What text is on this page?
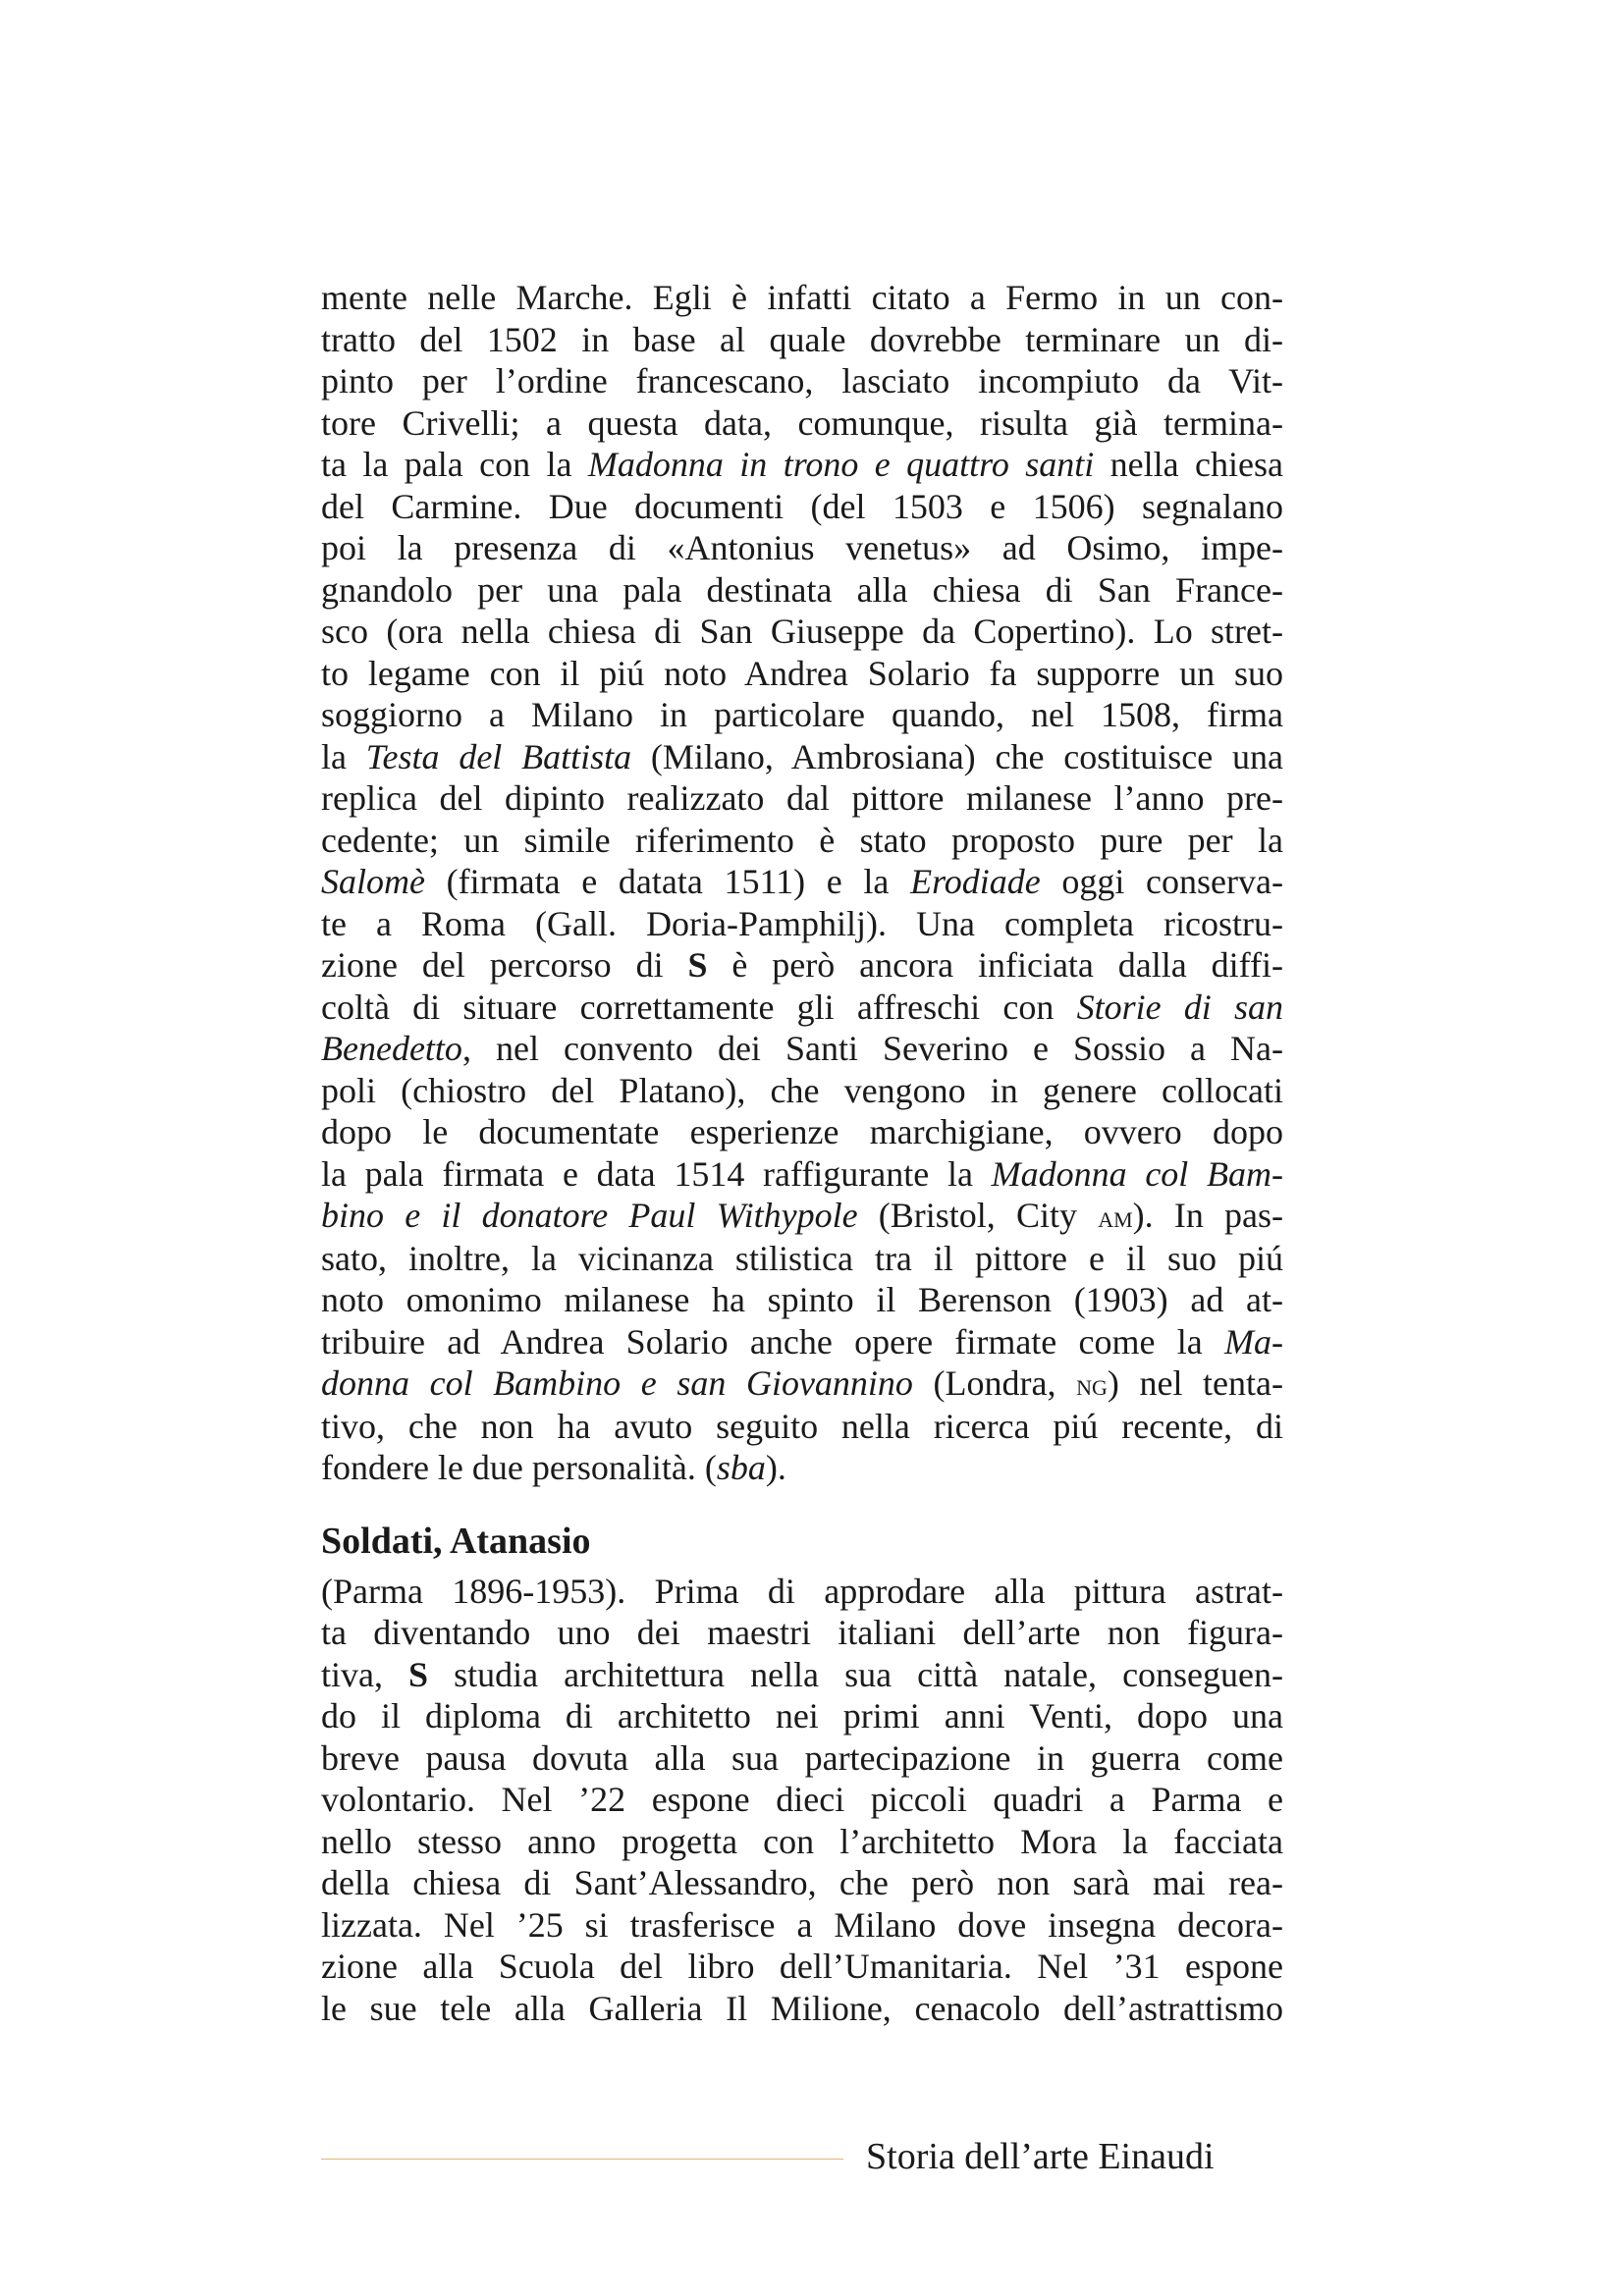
mente nelle Marche. Egli è infatti citato a Fermo in un con-
tratto del 1502 in base al quale dovrebbe terminare un di-
pinto per l’ordine francescano, lasciato incompiuto da Vit-
tore Crivelli; a questa data, comunque, risulta già termina-
ta la pala con la Madonna in trono e quattro santi nella chiesa
del Carmine. Due documenti (del 1503 e 1506) segnalano
poi la presenza di «Antonius venetus» ad Osimo, impe-
gnandolo per una pala destinata alla chiesa di San France-
sco (ora nella chiesa di San Giuseppe da Copertino). Lo stret-
to legame con il piú noto Andrea Solario fa supporre un suo
soggiorno a Milano in particolare quando, nel 1508, firma
la Testa del Battista (Milano, Ambrosiana) che costituisce una
replica del dipinto realizzato dal pittore milanese l’anno pre-
cedente; un simile riferimento è stato proposto pure per la
Salomè (firmata e datata 1511) e la Erodiade oggi conserva-
te a Roma (Gall. Doria-Pamphilj). Una completa ricostru-
zione del percorso di S è però ancora inficiata dalla diffi-
coltà di situare correttamente gli affreschi con Storie di san
Benedetto, nel convento dei Santi Severino e Sossio a Na-
poli (chiostro del Platano), che vengono in genere collocati
dopo le documentate esperienze marchigiane, ovvero dopo
la pala firmata e data 1514 raffigurante la Madonna col Bam-
bino e il donatore Paul Withypole (Bristol, City am). In pas-
sato, inoltre, la vicinanza stilistica tra il pittore e il suo piú
noto omonimo milanese ha spinto il Berenson (1903) ad at-
tribuire ad Andrea Solario anche opere firmate come la Ma-
donna col Bambino e san Giovannino (Londra, ng) nel tenta-
tivo, che non ha avuto seguito nella ricerca piú recente, di
fondere le due personalità. (sba).
Soldati, Atanasio
(Parma 1896-1953). Prima di approdare alla pittura astrat-
ta diventando uno dei maestri italiani dell’arte non figura-
tiva, S studia architettura nella sua città natale, conseguen-
do il diploma di architetto nei primi anni Venti, dopo una
breve pausa dovuta alla sua partecipazione in guerra come
volontario. Nel ’22 espone dieci piccoli quadri a Parma e
nello stesso anno progetta con l’architetto Mora la facciata
della chiesa di Sant’Alessandro, che però non sarà mai rea-
lizzata. Nel ’25 si trasferisce a Milano dove insegna decora-
zione alla Scuola del libro dell’Umanitaria. Nel ’31 espone
le sue tele alla Galleria Il Milione, cenacolo dell’astrattismo
Storia dell’arte Einaudi
